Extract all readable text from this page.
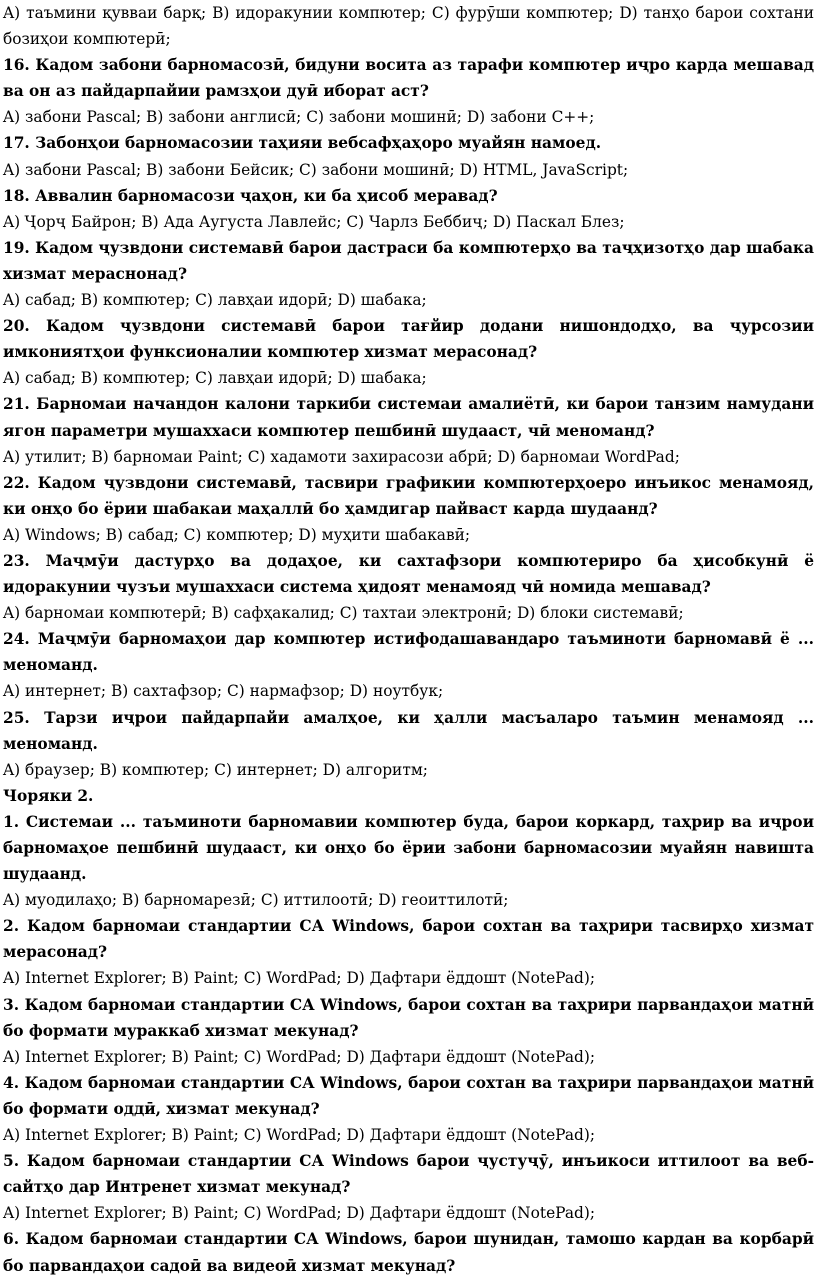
A) таъмини қувваи барқ; B) идоракунии компютер; C) фурӯши компютер; D) танҳо барои сохтани бозиҳои компютерӣ;

16. Кадом забони барномасозӣ, бидуни восита аз тарафи компютер иҷро карда мешавад ва он аз пайдарпайии рамзҳои дуӣ иборат аст?

A) забони Pascal; B) забони англисӣ; C) забони мошинӣ; D) забони C++;

17. Забонҳои барномасозии таҳияи вебсафҳаҳоро муайян намоед.

A) забони Pascal; B) забони Бейсик; C) забони мошинӣ; D) HTML, JavaScript;

18. Аввалин барномасози ҷаҳон, ки ба ҳисоб меравад?

A) Ҷорҷ Байрон; B) Ада Аугуста Лавлейс; C) Чарлз Беббиҷ; D) Паскал Блез;

19. Кадом ҷузвдони системавӣ барои дастраси ба компютерҳо ва таҷҳизотҳо дар шабака хизмат мераснонад?

A) сабад; B) компютер; C) лавҳаи идорӣ; D) шабака;

20. Кадом ҷузвдони системавӣ барои тағйир додани нишондодҳо, ва ҷурсозии имкониятҳои функсионалии компютер хизмат мерасонад?

A) сабад; B) компютер; C) лавҳаи идорӣ; D) шабака;

21. Барномаи начандон калони таркиби системаи амалиётӣ, ки барои танзим намудани ягон параметри мушаххаси компютер пешбинӣ шудааст, чӣ меноманд?

A) утилит; B) барномаи Paint; C) хадамоти захирасози абрӣ; D) барномаи WordPad;

22. Кадом ҷузвдони системавӣ, тасвири графикии компютерҳоеро инъикос менамояд, ки онҳо бо ёрии шабакаи маҳаллӣ бо ҳамдигар пайваст карда шудаанд?

A) Windows; B) сабад; C) компютер; D) муҳити шабакавӣ;

23. Маҷмӯи дастурҳо ва додаҳое, ки сахтафзори компютериро ба ҳисобкунӣ ё идоракунии чузъи мушаххаси система ҳидоят менамояд чӣ номида мешавад?

A) барномаи компютерӣ; B) сафҳакалид; C) тахтаи электронӣ; D) блоки системавӣ;

24. Маҷмӯи барномаҳои дар компютер истифодашавандаро таъминоти барномавӣ ё ... меноманд.

A) интернет; B) сахтафзор; C) нармафзор; D) ноутбук;

25. Тарзи иҷрои пайдарпайи амалҳое, ки ҳалли масъаларо таъмин менамояд ... меноманд.

A) браузер; B) компютер; C) интернет; D) алгоритм;

Чоряки 2.

1. Системаи ... таъминоти барномавии компютер буда, барои коркард, таҳрир ва иҷрои барномаҳое пешбинӣ шудааст, ки онҳо бо ёрии забони барномасозии муайян навишта шудаанд.

A) муодилаҳо; B) барномарезӣ; C) иттилоотӣ; D) геоиттилотӣ;

2. Кадом барномаи стандартии СА Windows, барои сохтан ва таҳрири тасвирҳо хизмат мерасонад?

A) Internet Explorer; B) Paint; C) WordPad; D) Дафтари ёддошт (NotePad);

3. Кадом барномаи стандартии СА Windows, барои сохтан ва таҳрири парвандаҳои матнӣ бо формати мураккаб хизмат мекунад?

A) Internet Explorer; B) Paint; C) WordPad; D) Дафтари ёддошт (NotePad);

4. Кадом барномаи стандартии СА Windows, барои сохтан ва таҳрири парвандаҳои матнӣ бо формати оддӣ, хизмат мекунад?

A) Internet Explorer; B) Paint; C) WordPad; D) Дафтари ёддошт (NotePad);

5. Кадом барномаи стандартии СА Windows барои ҷустуҷӯ, инъикоси иттилоот ва веб-сайтҳо дар Интренет хизмат мекунад?

A) Internet Explorer; B) Paint; C) WordPad; D) Дафтари ёддошт (NotePad);

6. Кадом барномаи стандартии СА Windows, барои шунидан, тамошо кардан ва корбарӣ бо парвандаҳои садоӣ ва видеоӣ хизмат мекунад?
